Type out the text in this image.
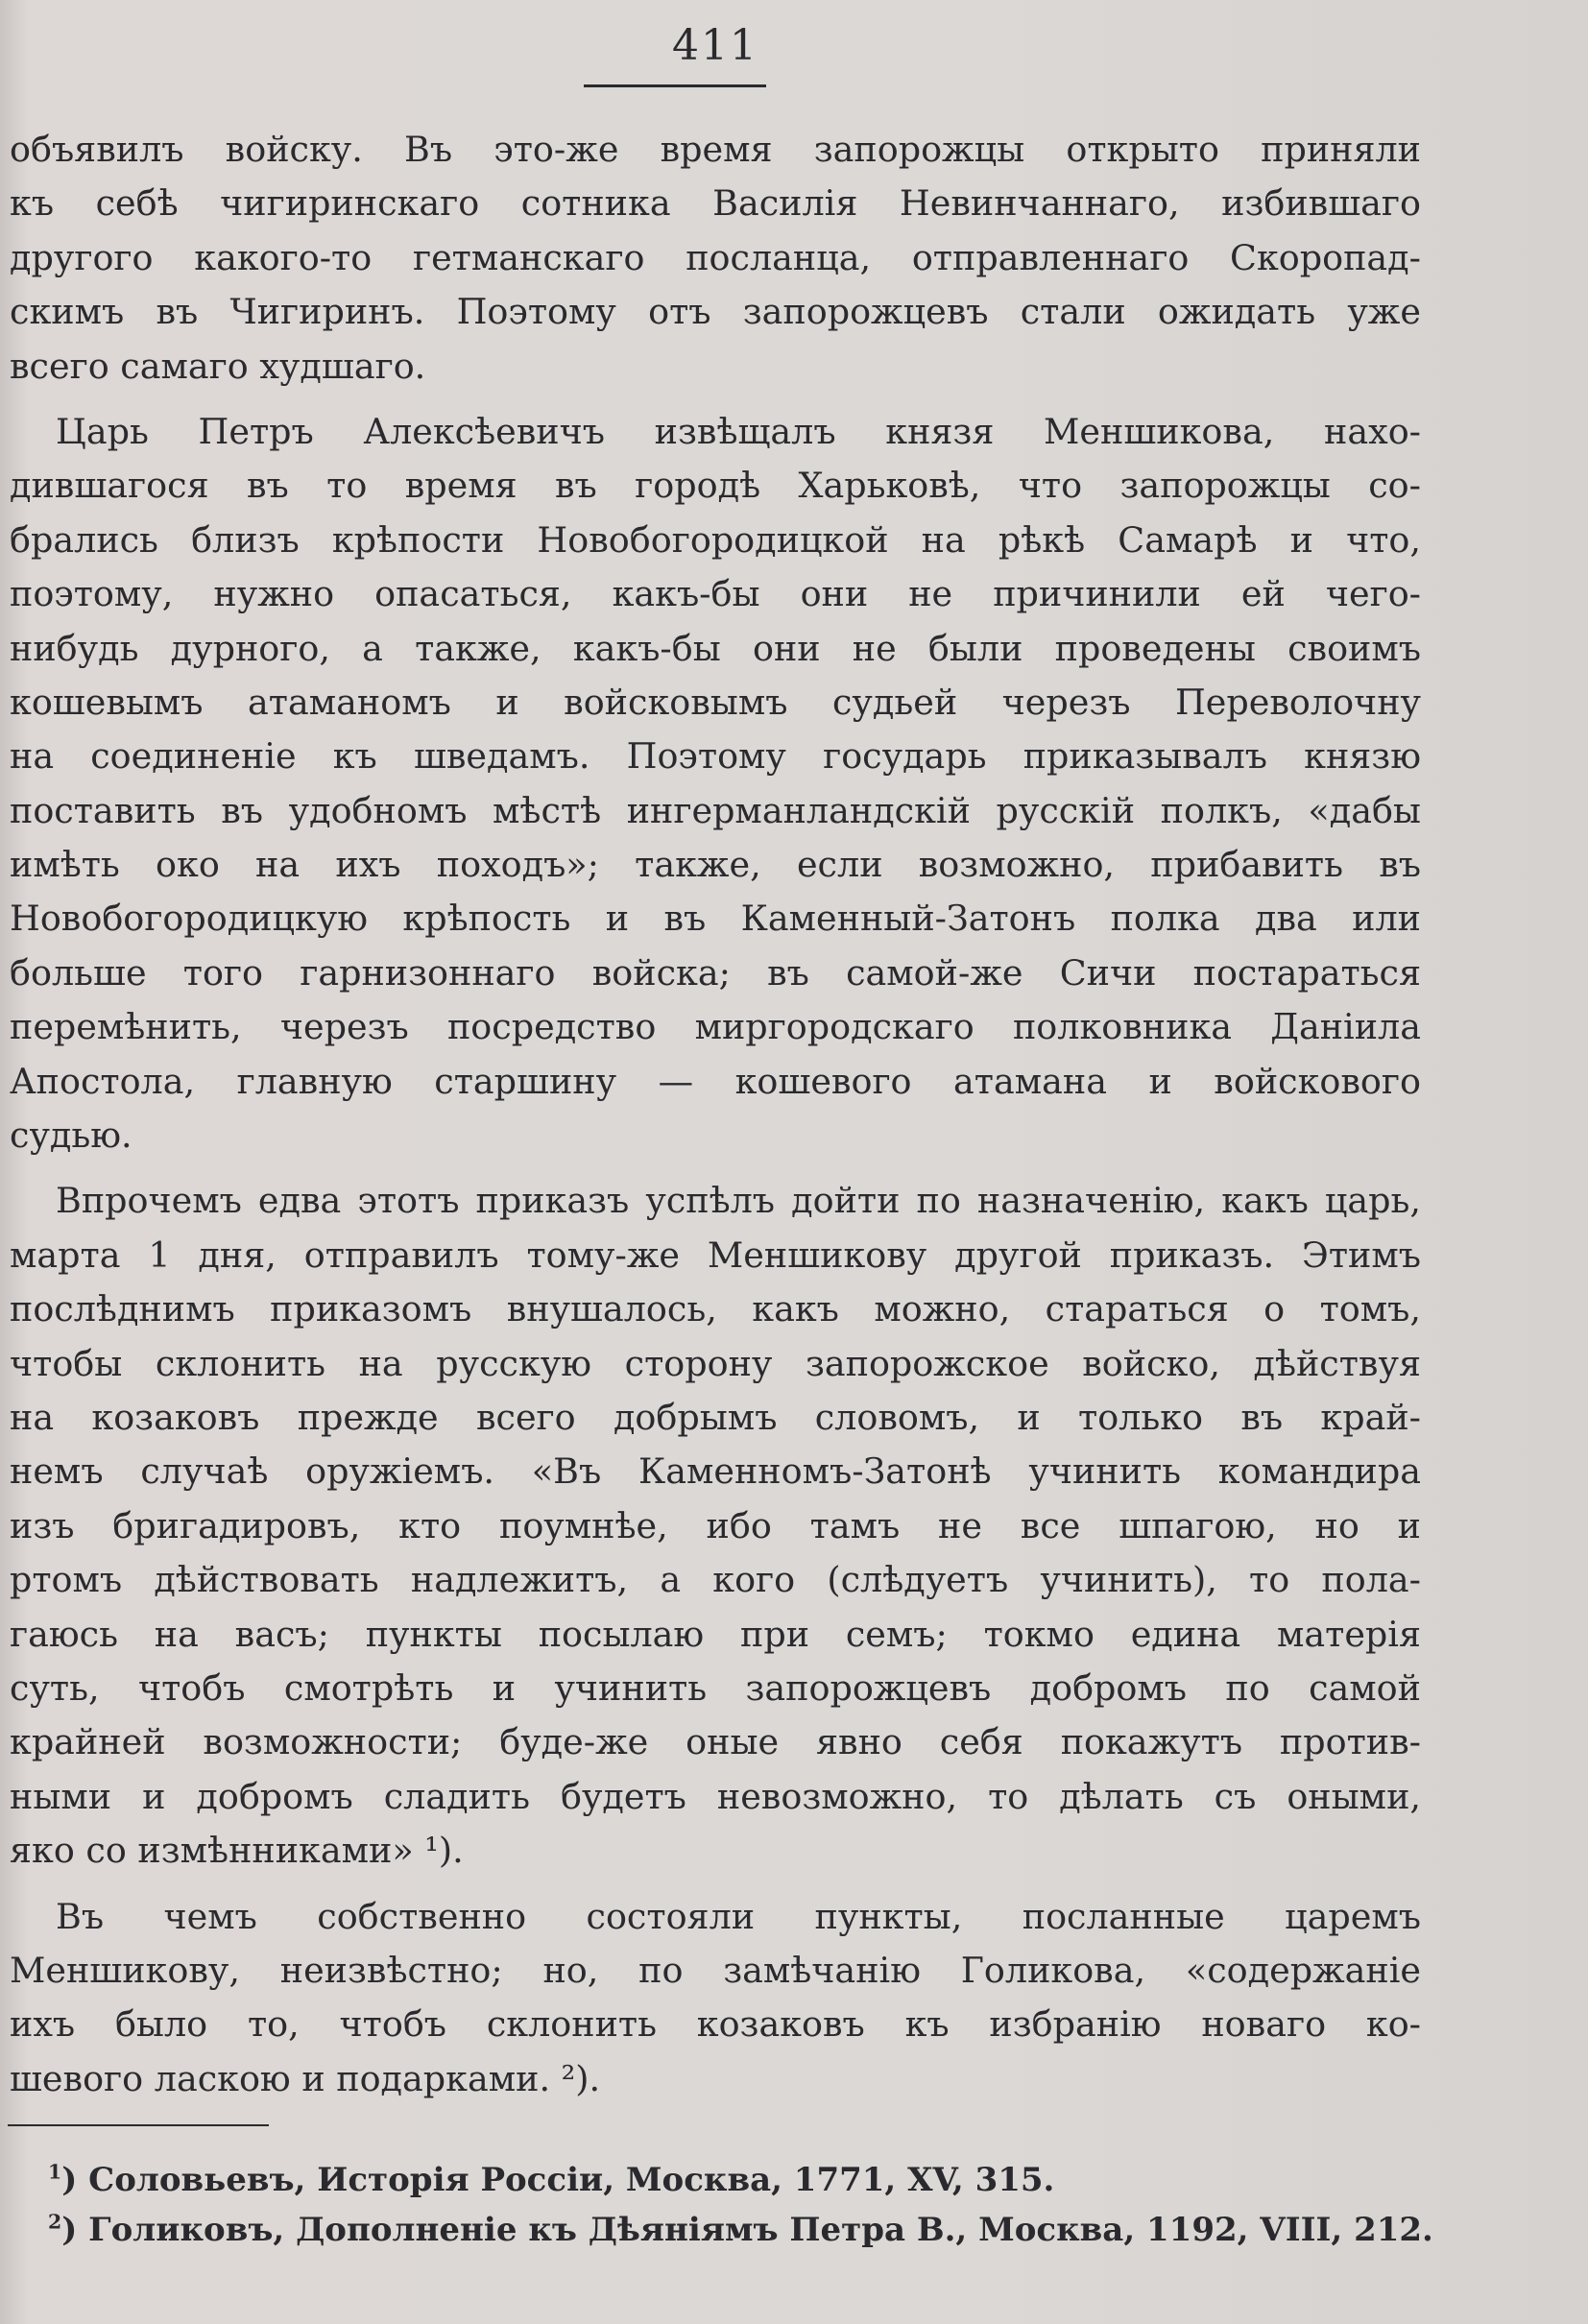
411
объявилъ войску. Въ это-же время запорожцы открыто приняли
къ себѣ чигиринскаго сотника Василія Невинчаннаго, избившаго
другого какого-то гетманскаго посланца, отправленнаго Скоропад-
скимъ въ Чигиринъ. Поэтому отъ запорожцевъ стали ожидать уже
всего самаго худшаго.
Царь Петръ Алексѣевичъ извѣщалъ князя Меншикова, нахо-
дившагося въ то время въ городѣ Харьковѣ, что запорожцы со-
брались близъ крѣпости Новобогородицкой на рѣкѣ Самарѣ и что,
поэтому, нужно опасаться, какъ-бы они не причинили ей чего-
нибудь дурного, а также, какъ-бы они не были проведены своимъ
кошевымъ атаманомъ и войсковымъ судьей черезъ Переволочну
на соединеніе къ шведамъ. Поэтому государь приказывалъ князю
поставить въ удобномъ мѣстѣ ингерманландскій русскій полкъ, «дабы
имѣть око на ихъ походъ»; также, если возможно, прибавить въ
Новобогородицкую крѣпость и въ Каменный-Затонъ полка два или
больше того гарнизоннаго войска; въ самой-же Сичи постараться
перемѣнить, черезъ посредство миргородскаго полковника Даніила
Апостола, главную старшину — кошевого атамана и войскового
судью.
Впрочемъ едва этотъ приказъ успѣлъ дойти по назначенію, какъ царь,
марта 1 дня, отправилъ тому-же Меншикову другой приказъ. Этимъ
послѣднимъ приказомъ внушалось, какъ можно, стараться о томъ,
чтобы склонить на русскую сторону запорожское войско, дѣйствуя
на козаковъ прежде всего добрымъ словомъ, и только въ край-
немъ случаѣ оружіемъ. «Въ Каменномъ-Затонѣ учинить командира
изъ бригадировъ, кто поумнѣе, ибо тамъ не все шпагою, но и
ртомъ дѣйствовать надлежитъ, а кого (слѣдуетъ учинить), то пола-
гаюсь на васъ; пункты посылаю при семъ; токмо едина матерія
суть, чтобъ смотрѣть и учинить запорожцевъ добромъ по самой
крайней возможности; буде-же оные явно себя покажутъ против-
ными и добромъ сладить будетъ невозможно, то дѣлать съ оными,
яко со измѣнниками» ¹).
Въ чемъ собственно состояли пункты, посланные царемъ
Меншикову, неизвѣстно; но, по замѣчанію Голикова, «содержаніе
ихъ было то, чтобъ склонить козаковъ къ избранію новаго ко-
шевого ласкою и подарками. ²).
$^1$) Соловьевъ, Исторія Россіи, Москва, 1771, XV, 315.
$^2$) Голиковъ, Дополненіе къ Дѣяніямъ Петра В., Москва, 1192, VIII, 212.
